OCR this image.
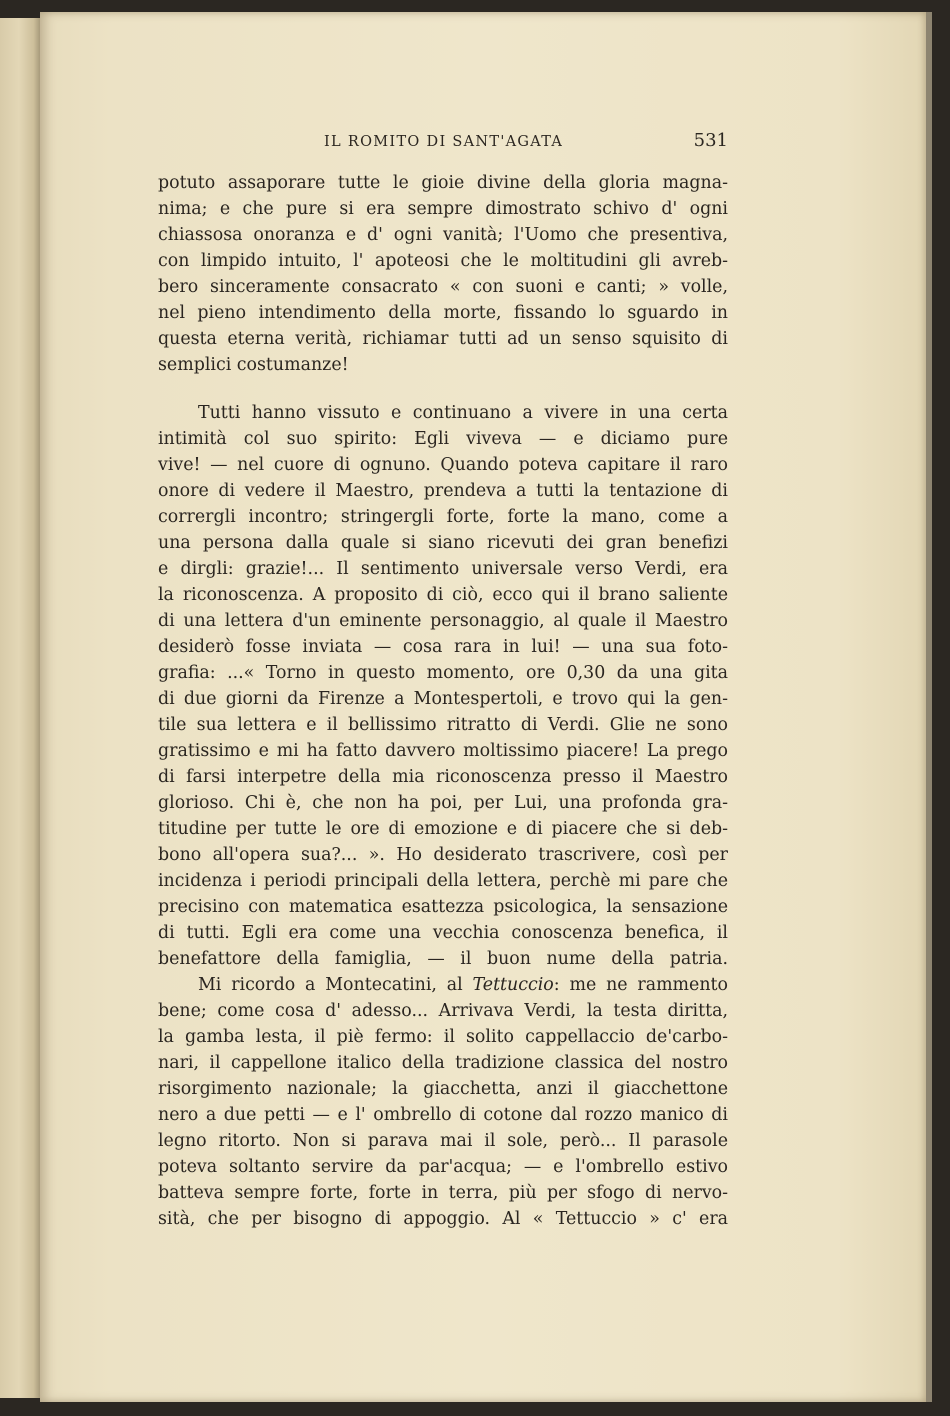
IL ROMITO DI SANT'AGATA	531
potuto assaporare tutte le gioie divine della gloria magna-
nima; e che pure si era sempre dimostrato schivo d' ogni
chiassosa onoranza e d' ogni vanità; l'Uomo che presentiva,
con limpido intuito, l' apoteosi che le moltitudini gli avreb-
bero sinceramente consacrato « con suoni e canti; » volle,
nel pieno intendimento della morte, fissando lo sguardo in
questa eterna verità, richiamar tutti ad un senso squisito di
semplici costumanze!
Tutti hanno vissuto e continuano a vivere in una certa
intimità col suo spirito: Egli viveva — e diciamo pure
vive! — nel cuore di ognuno. Quando poteva capitare il raro
onore di vedere il Maestro, prendeva a tutti la tentazione di
corrergli incontro; stringergli forte, forte la mano, come a
una persona dalla quale si siano ricevuti dei gran benefizi
e dirgli: grazie!... Il sentimento universale verso Verdi, era
la riconoscenza. A proposito di ciò, ecco qui il brano saliente
di una lettera d'un eminente personaggio, al quale il Maestro
desiderò fosse inviata — cosa rara in lui! — una sua foto-
grafia: ...« Torno in questo momento, ore 0,30 da una gita
di due giorni da Firenze a Montespertoli, e trovo qui la gen-
tile sua lettera e il bellissimo ritratto di Verdi. Glie ne sono
gratissimo e mi ha fatto davvero moltissimo piacere! La prego
di farsi interpetre della mia riconoscenza presso il Maestro
glorioso. Chi è, che non ha poi, per Lui, una profonda gra-
titudine per tutte le ore di emozione e di piacere che si deb-
bono all'opera sua?... ». Ho desiderato trascrivere, così per
incidenza i periodi principali della lettera, perchè mi pare che
precisino con matematica esattezza psicologica, la sensazione
di tutti. Egli era come una vecchia conoscenza benefica, il
benefattore della famiglia, — il buon nume della patria.
Mi ricordo a Montecatini, al Tettuccio: me ne rammento
bene; come cosa d' adesso... Arrivava Verdi, la testa diritta,
la gamba lesta, il piè fermo: il solito cappellaccio de'carbo-
nari, il cappellone italico della tradizione classica del nostro
risorgimento nazionale; la giacchetta, anzi il giacchettone
nero a due petti — e l' ombrello di cotone dal rozzo manico di
legno ritorto. Non si parava mai il sole, però... Il parasole
poteva soltanto servire da par'acqua; — e l'ombrello estivo
batteva sempre forte, forte in terra, più per sfogo di nervo-
sità, che per bisogno di appoggio. Al « Tettuccio » c' era
